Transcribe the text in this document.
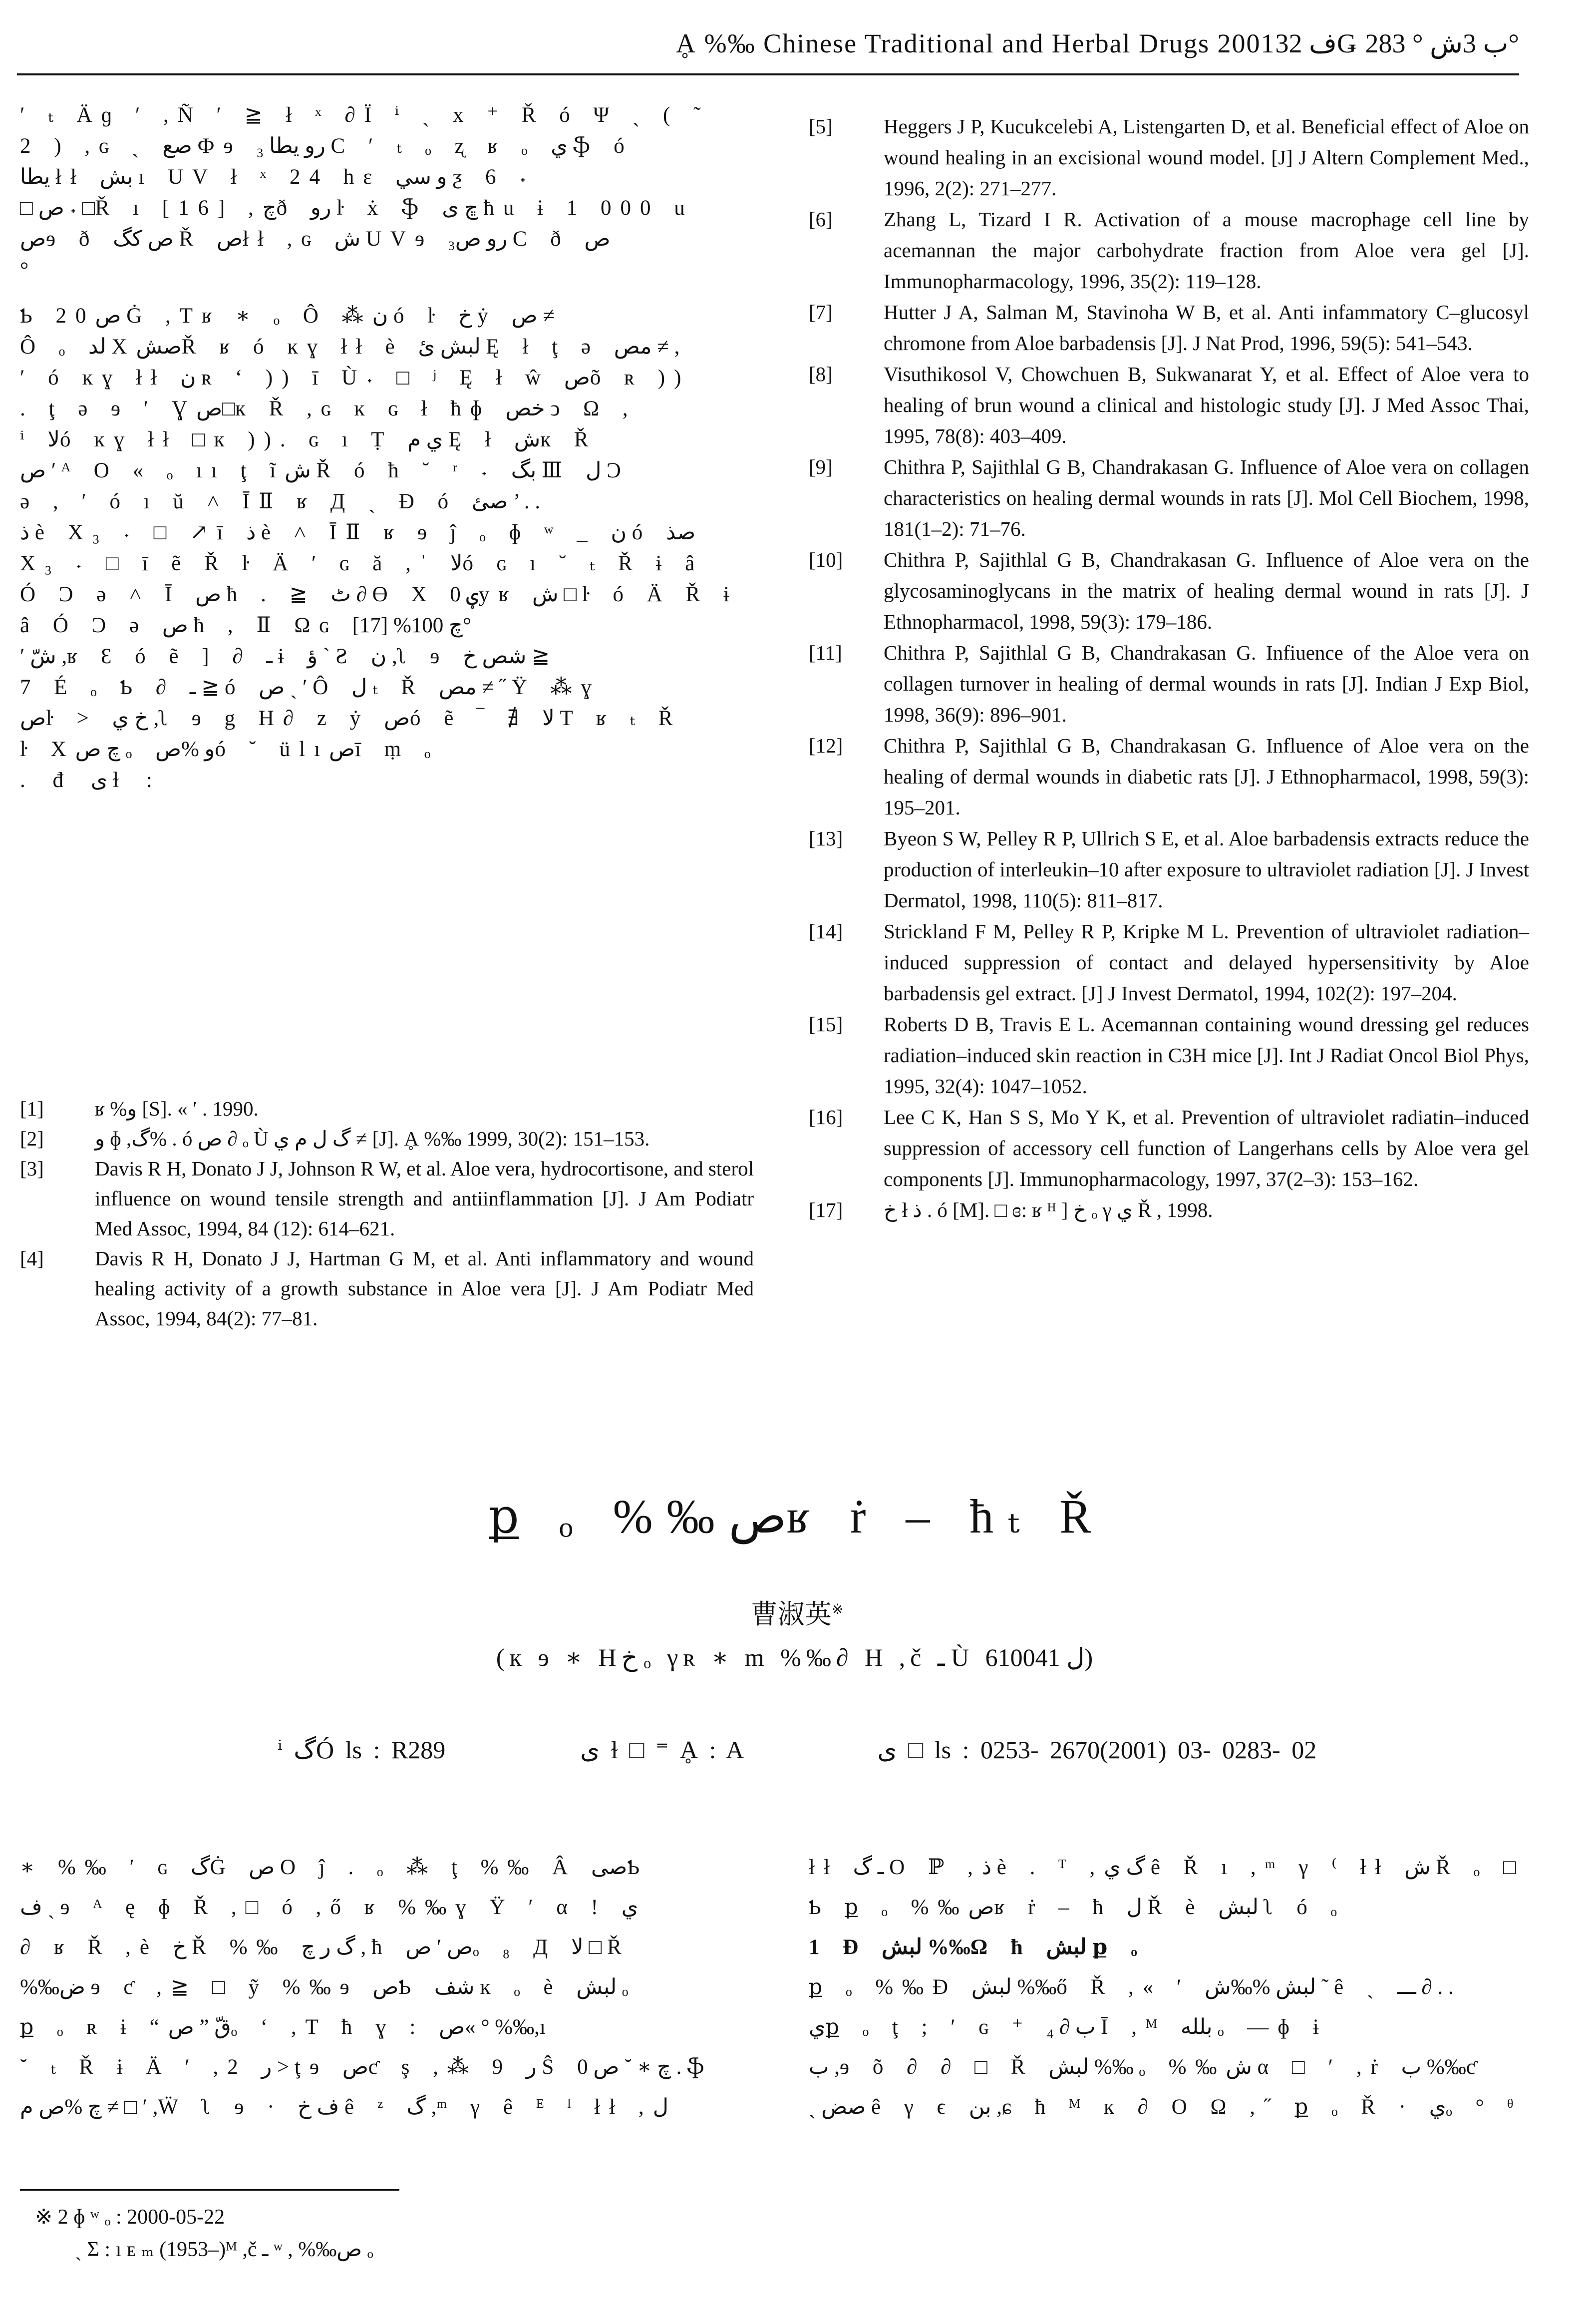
Ḁ %‰ Chinese Traditional and Herbal Drugs 2001ف 32Ǥ ب 3ش ° 283°

′ ₜ Äɡ ′ ,Ñ ′ ≧ ł ˣ ∂Ï ⁱ ˏ x ⁺ Ř ó Ψ ˏ ( ˜

2 ) ,ɢ ˏ صع Фɘ رو یطا ₃ C ′ ₜ ₒ ʐ ʁ ₒ ي ֆ ó

یطا łł بش ı UV ł ˣ 24 hɛ و سي ƺ 6 ˖

□ ص ˖ □Ř ı [16] ,چð رو ŀ ẋ ֆ ڇ ی ħu ɨ 1 000 u

صɘ ð ص کگ Ř صłł ,ɢ ش UVɘ رو ص₃ C ð ص

°

Ƅ 20ص Ġ ,Tʁ ∗ ₒ Ô ⁂ن ó ŀ خ ẏ ص ≠

Ô ₒ لد XصشŘ ʁ ó ĸɣ łł è لبش ئ Ę ł ţ ə مص ≠ ,

′ ó ĸɣ łł ن ʀ ‘ )) ī Ù˖ □ ʲ Ę ł ŵ صõ ʀ ))

. ţ ə ɘ ′ Ɣص□к Ř ,ɢ ĸ ɢ ł ħɸ خص ↄ Ω ,

ⁱ لاó ĸɣ łł □к )). ɢ ı Ṭ ي م Ę ł شк Ř

ص ′ ᴬ Ο « ₒ ıı ţ ĩش Ř ó ħ ˘ ʳ ˖ بگ Ⅲ ل Ɔ

ə , ′ ó ı ŭ ˄ ĪⅡ ʁ Д ˏ Đ ó صئ ’ . .

ذ è Χ₃ ˖ □ ↗ī ذ è ˄ ĪⅡ ʁ ɘ ĵ ₒ ɸ ʷ _ ن ó صذ

Χ₃ ˖ □ ī ẽ Ř ŀ Ä ′ ɢ ă ,ˈ لاó ɢ ı ˘ ₜ Ř ɨ â

Ó Ɔ ə ˄ Ī ص ħ . ≧ ٹ ∂ Ө Χ ؠ 0yʁ ش □ ŀ ó Ä Ř ɨ

â Ó Ɔ ə ص ħ , Ⅱ Ωɢ چ 100% [17]°

′ شّ ,ʁ Ɛ ó ẽ ] ∂ ـ ɨ ؤ ˋ Ƨ ن ,ʅ ɘ شص خ ≧

7 É ₒ Ƅ ∂ ـ ≧ ó ص ˎ ′ Ô ل ₜ Ř مص ≠ ˝ Ÿ ⁂ɣ

صŀ > خ ي ,ʅ ɘ g H∂ z ẏ صó ẽ ‾ ∄ لا T ʁ ₜ Ř

ŀ Χچ ص ₒ و %صó ˘ ülıصī ṃ ₒ

. đ ی ɫ :

[1]	ʁ %و [S]. « ′ . 1990.
[2]	و ɸ ,گ% . ó ص ∂ ₒ Ù گ ل م ي ≠ [J]. Ḁ %‰ 1999, 30(2): 151–153.
[3]	Davis R H, Donato J J, Johnson R W, et al. Aloe vera, hydrocortisone, and sterol influence on wound tensile strength and antiinflammation [J]. J Am Podiatr Med Assoc, 1994, 84 (12): 614–621.
[4]	Davis R H, Donato J J, Hartman G M, et al. Anti inflammatory and wound healing activity of a growth substance in Aloe vera [J]. J Am Podiatr Med Assoc, 1994, 84(2): 77–81.
[5]	Heggers J P, Kucukcelebi A, Listengarten D, et al. Beneficial effect of Aloe on wound healing in an excisional wound model. [J] J Altern Complement Med., 1996, 2(2): 271–277.
[6]	Zhang L, Tizard I R. Activation of a mouse macrophage cell line by acemannan the major carbohydrate fraction from Aloe vera gel [J]. Immunopharmacology, 1996, 35(2): 119–128.
[7]	Hutter J A, Salman M, Stavinoha W B, et al. Anti infammatory C–glucosyl chromone from Aloe barbadensis [J]. J Nat Prod, 1996, 59(5): 541–543.
[8]	Visuthikosol V, Chowchuen B, Sukwanarat Y, et al. Effect of Aloe vera to healing of brun wound a clinical and histologic study [J]. J Med Assoc Thai, 1995, 78(8): 403–409.
[9]	Chithra P, Sajithlal G B, Chandrakasan G. Influence of Aloe vera on collagen characteristics on healing dermal wounds in rats [J]. Mol Cell Biochem, 1998, 181(1–2): 71–76.
[10]	Chithra P, Sajithlal G B, Chandrakasan G. Influence of Aloe vera on the glycosaminoglycans in the matrix of healing dermal wound in rats [J]. J Ethnopharmacol, 1998, 59(3): 179–186.
[11]	Chithra P, Sajithlal G B, Chandrakasan G. Infiuence of the Aloe vera on collagen turnover in healing of dermal wounds in rats [J]. Indian J Exp Biol, 1998, 36(9): 896–901.
[12]	Chithra P, Sajithlal G B, Chandrakasan G. Influence of Aloe vera on the healing of dermal wounds in diabetic rats [J]. J Ethnopharmacol, 1998, 59(3): 195–201.
[13]	Byeon S W, Pelley R P, Ullrich S E, et al. Aloe barbadensis extracts reduce the production of interleukin–10 after exposure to ultraviolet radiation [J]. J Invest Dermatol, 1998, 110(5): 811–817.
[14]	Strickland F M, Pelley R P, Kripke M L. Prevention of ultraviolet radiation–induced suppression of contact and delayed hypersensitivity by Aloe barbadensis gel extract. [J] J Invest Dermatol, 1994, 102(2): 197–204.
[15]	Roberts D B, Travis E L. Acemannan containing wound dressing gel reduces radiation–induced skin reaction in C3H mice [J]. Int J Radiat Oncol Biol Phys, 1995, 32(4): 1047–1052.
[16]	Lee C K, Han S S, Mo Y K, et al. Prevention of ultraviolet radiatin–induced suppression of accessory cell function of Langerhans cells by Aloe vera gel components [J]. Immunopharmacology, 1997, 37(2–3): 153–162.
[17]	خ ł ذ . ó [M]. □ ɞ: ʁ ᴴ ] خ ₒ γ ي Ř , 1998.
ք ₒ %‰صʁ ṙ – ħₜ Ř
曹淑英※
(к ɘ ∗ Hخ ₒ γʀ ∗ m %‰∂ H ,č ـ Ù ل 610041)
ⁱ گÓ ls : R289	ی ɫ □ ⁼ Ḁ : A	ی □ ls : 0253- 2670(2001) 03- 0283- 02

∗ %‰ ′ ɢ گĠ ص Ο ĵ . ₒ ⁂ ţ %‰ Â صیƄ

ف ˎ ɘ ᴬ ę ɸ Ř ,□ ó ,ő ʁ %‰ɣ Ÿ ′ α ! ي

∂ ʁ Ř ,è خ Ř %‰ گ ر چ , ħ ص ′ صₒ ₈ Д لا □ Ř

%‰ض ɘ ƈ ,≧ □ ỹ %‰ɘ صƄ شف ĸ ₒ è لبش ₒ

ք ₒ ʀ ɨ “قّ ” صₒ ‘ ,T ħ ɣ : ص« ° %‰,ı

˘ ₜ Ř ɨ Ä ′ ,2 ر > ţɘ صƈ ş ,⁂ 9 ر Ŝ چ ∗ ˘ ص 0 . ֆ

چ %ص م ≠ □ ′ ,Ẅ ʅ ɘ · ف خ ê ᶻ گ ,ᵐ γ ê ᴱ ˡ łł ,ل

łł ـ گ Ο ℙ ,ذ è . ᵀ ,گ ي ê Ř ı ,ᵐ γ ⁽ łł ش Ř ₒ □

Ƅ ք ₒ %‰صʁ ṙ – ħ ل Ř è لبش ʅ ó ₒ

1 Đ لبش %‰Ω ħ لبش ք ₒ

ք ₒ %‰Đ لبش %‰ő Ř ,« ′ لبش %‰ش ˜ ê ˏ ـــ ∂ . .

يք ₒ ţ ; ′ ɢ ⁺ ب ∂ ₄ Ī ,ᴹ بلله ₒ —ɸ ɨ

ب ,ɘ õ ∂ ∂ □ Ř لبش %‰ ₒ %‰ش α □ ′ ,ṙ ب %‰ƈ

ˏ صض ê γ ϵ بن ,ɕ ħ ᴹ к ∂ Ο Ω ,˝ ք ₒ Ř · يₒ ° ᶿ

※ 2 ɸ ʷ ₒ : 2000-05-22
ˏ Ʃ : ı ᴇ ₘ (1953–)ᴹ ,č ـ ʷ , %‰ص ₒ
